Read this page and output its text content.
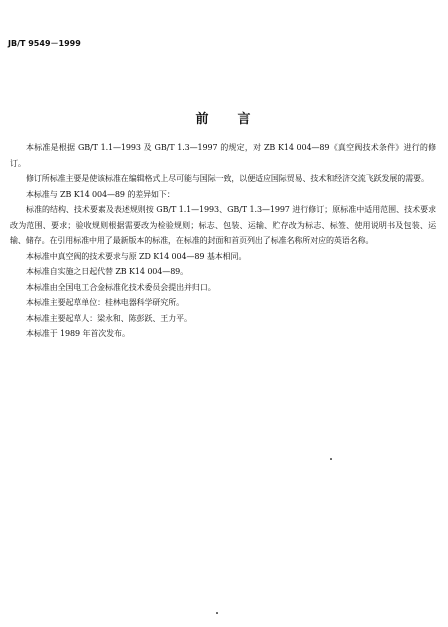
JB/T 9549－1999
前　言

本标准是根据 GB/T 1.1—1993 及 GB/T 1.3—1997 的规定，对 ZB K14 004—89《真空阀技术条件》进行的修订。

修订所标准主要是使该标准在编辑格式上尽可能与国际一致，以便适应国际贸易、技术和经济交流飞跃发展的需要。

本标准与 ZB K14 004—89 的差异如下：

标准的结构、技术要素及表述规则按 GB/T 1.1—1993、GB/T 1.3—1997 进行修订；原标准中适用范围、技术要求改为范围、要求；验收规则根据需要改为检验规则；标志、包装、运输、贮存改为标志、标签、使用说明书及包装、运输、储存。在引用标准中用了最新版本的标准，在标准的封面和首页列出了标准名称所对应的英语名称。

本标准中真空阀的技术要求与原 ZD K14 004—89 基本相同。

本标准自实施之日起代替 ZB K14 004—89。

本标准由全国电工合金标准化技术委员会提出并归口。

本标准主要起草单位：桂林电器科学研究所。

本标准主要起草人：梁永和、陈彭跃、王力平。

本标准于 1989 年首次发布。
